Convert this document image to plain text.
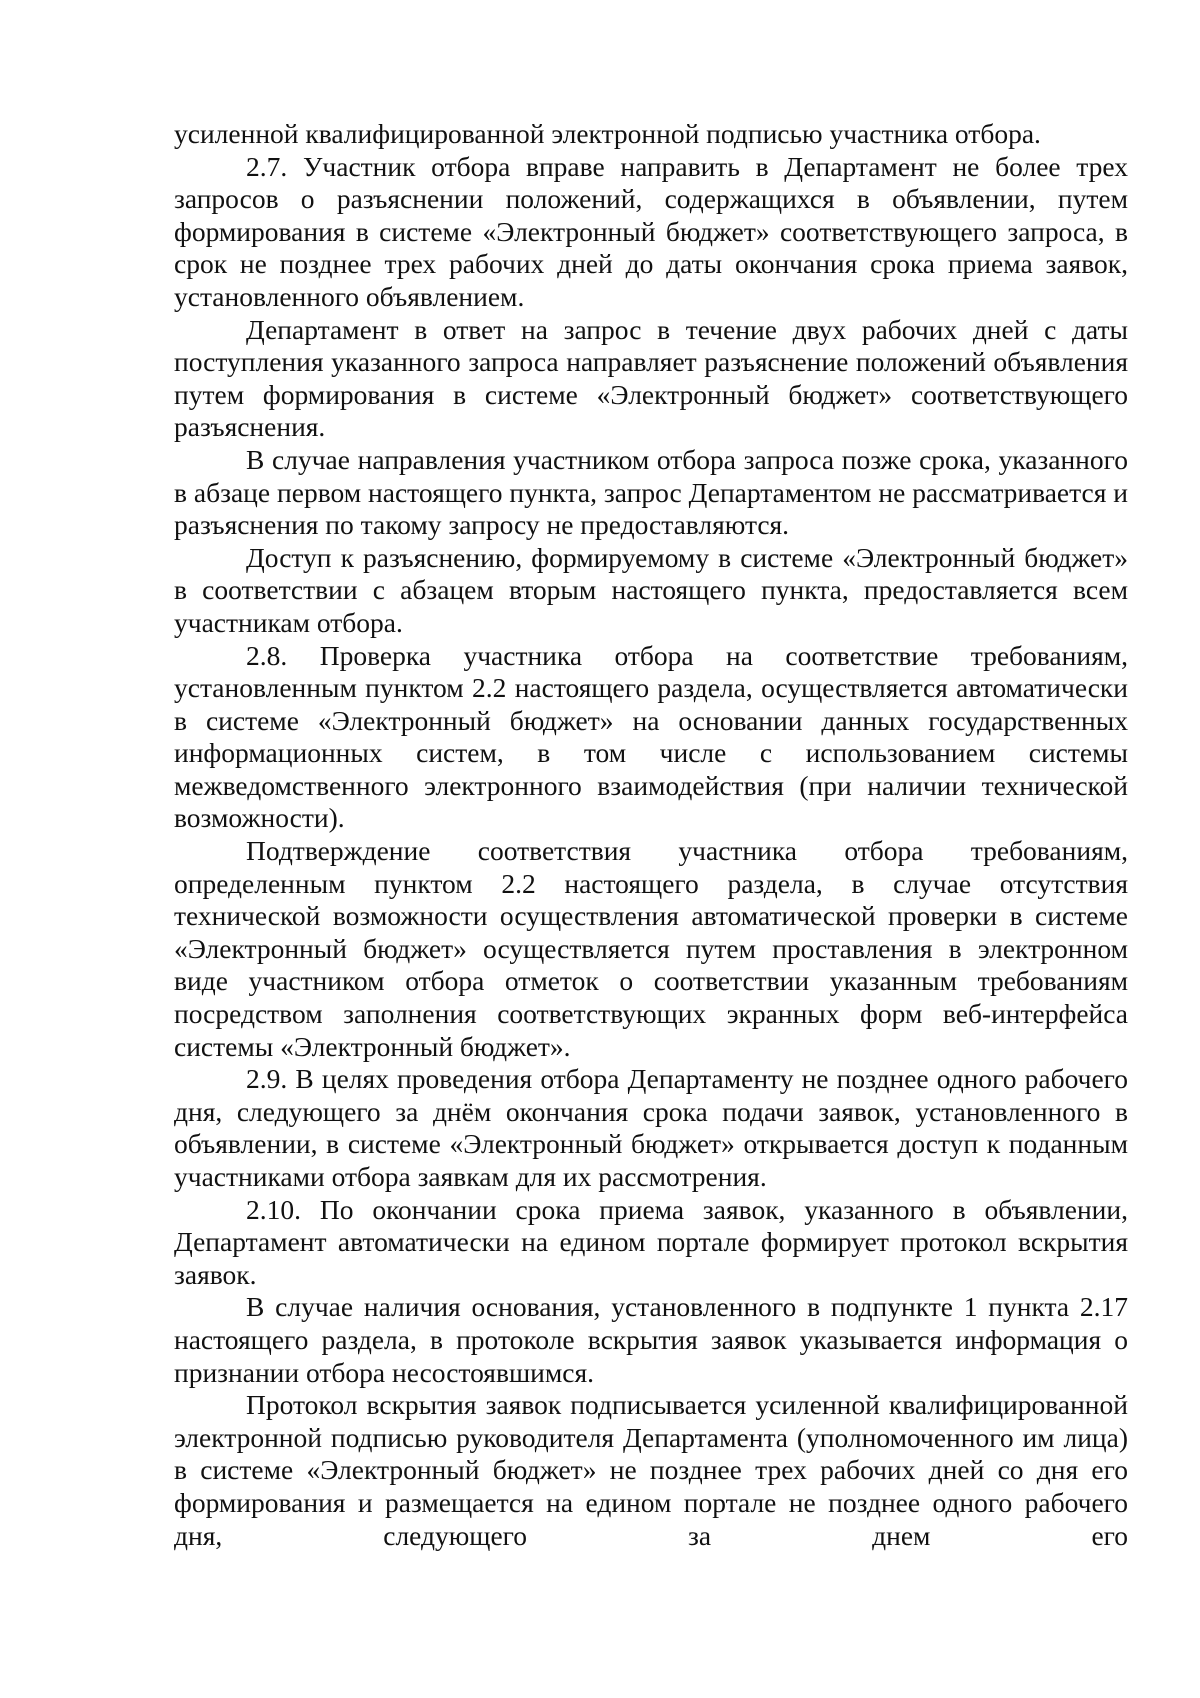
усиленной квалифицированной электронной подписью участника отбора.

2.7. Участник отбора вправе направить в Департамент не более трех запросов о разъяснении положений, содержащихся в объявлении, путем формирования в системе «Электронный бюджет» соответствующего запроса, в срок не позднее трех рабочих дней до даты окончания срока приема заявок, установленного объявлением.

Департамент в ответ на запрос в течение двух рабочих дней с даты поступления указанного запроса направляет разъяснение положений объявления путем формирования в системе «Электронный бюджет» соответствующего разъяснения.

В случае направления участником отбора запроса позже срока, указанного в абзаце первом настоящего пункта, запрос Департаментом не рассматривается и разъяснения по такому запросу не предоставляются.

Доступ к разъяснению, формируемому в системе «Электронный бюджет» в соответствии с абзацем вторым настоящего пункта, предоставляется всем участникам отбора.

2.8. Проверка участника отбора на соответствие требованиям, установленным пунктом 2.2 настоящего раздела, осуществляется автоматически в системе «Электронный бюджет» на основании данных государственных информационных систем, в том числе с использованием системы межведомственного электронного взаимодействия (при наличии технической возможности).

Подтверждение соответствия участника отбора требованиям, определенным пунктом 2.2 настоящего раздела, в случае отсутствия технической возможности осуществления автоматической проверки в системе «Электронный бюджет» осуществляется путем проставления в электронном виде участником отбора отметок о соответствии указанным требованиям посредством заполнения соответствующих экранных форм веб-интерфейса системы «Электронный бюджет».

2.9. В целях проведения отбора Департаменту не позднее одного рабочего дня, следующего за днём окончания срока подачи заявок, установленного в объявлении, в системе «Электронный бюджет» открывается доступ к поданным участниками отбора заявкам для их рассмотрения.

2.10. По окончании срока приема заявок, указанного в объявлении, Департамент автоматически на едином портале формирует протокол вскрытия заявок.

В случае наличия основания, установленного в подпункте 1 пункта 2.17 настоящего раздела, в протоколе вскрытия заявок указывается информация о признании отбора несостоявшимся.

Протокол вскрытия заявок подписывается усиленной квалифицированной электронной подписью руководителя Департамента (уполномоченного им лица) в системе «Электронный бюджет» не позднее трех рабочих дней со дня его формирования и размещается на едином портале не позднее одного рабочего дня, следующего за днем его
